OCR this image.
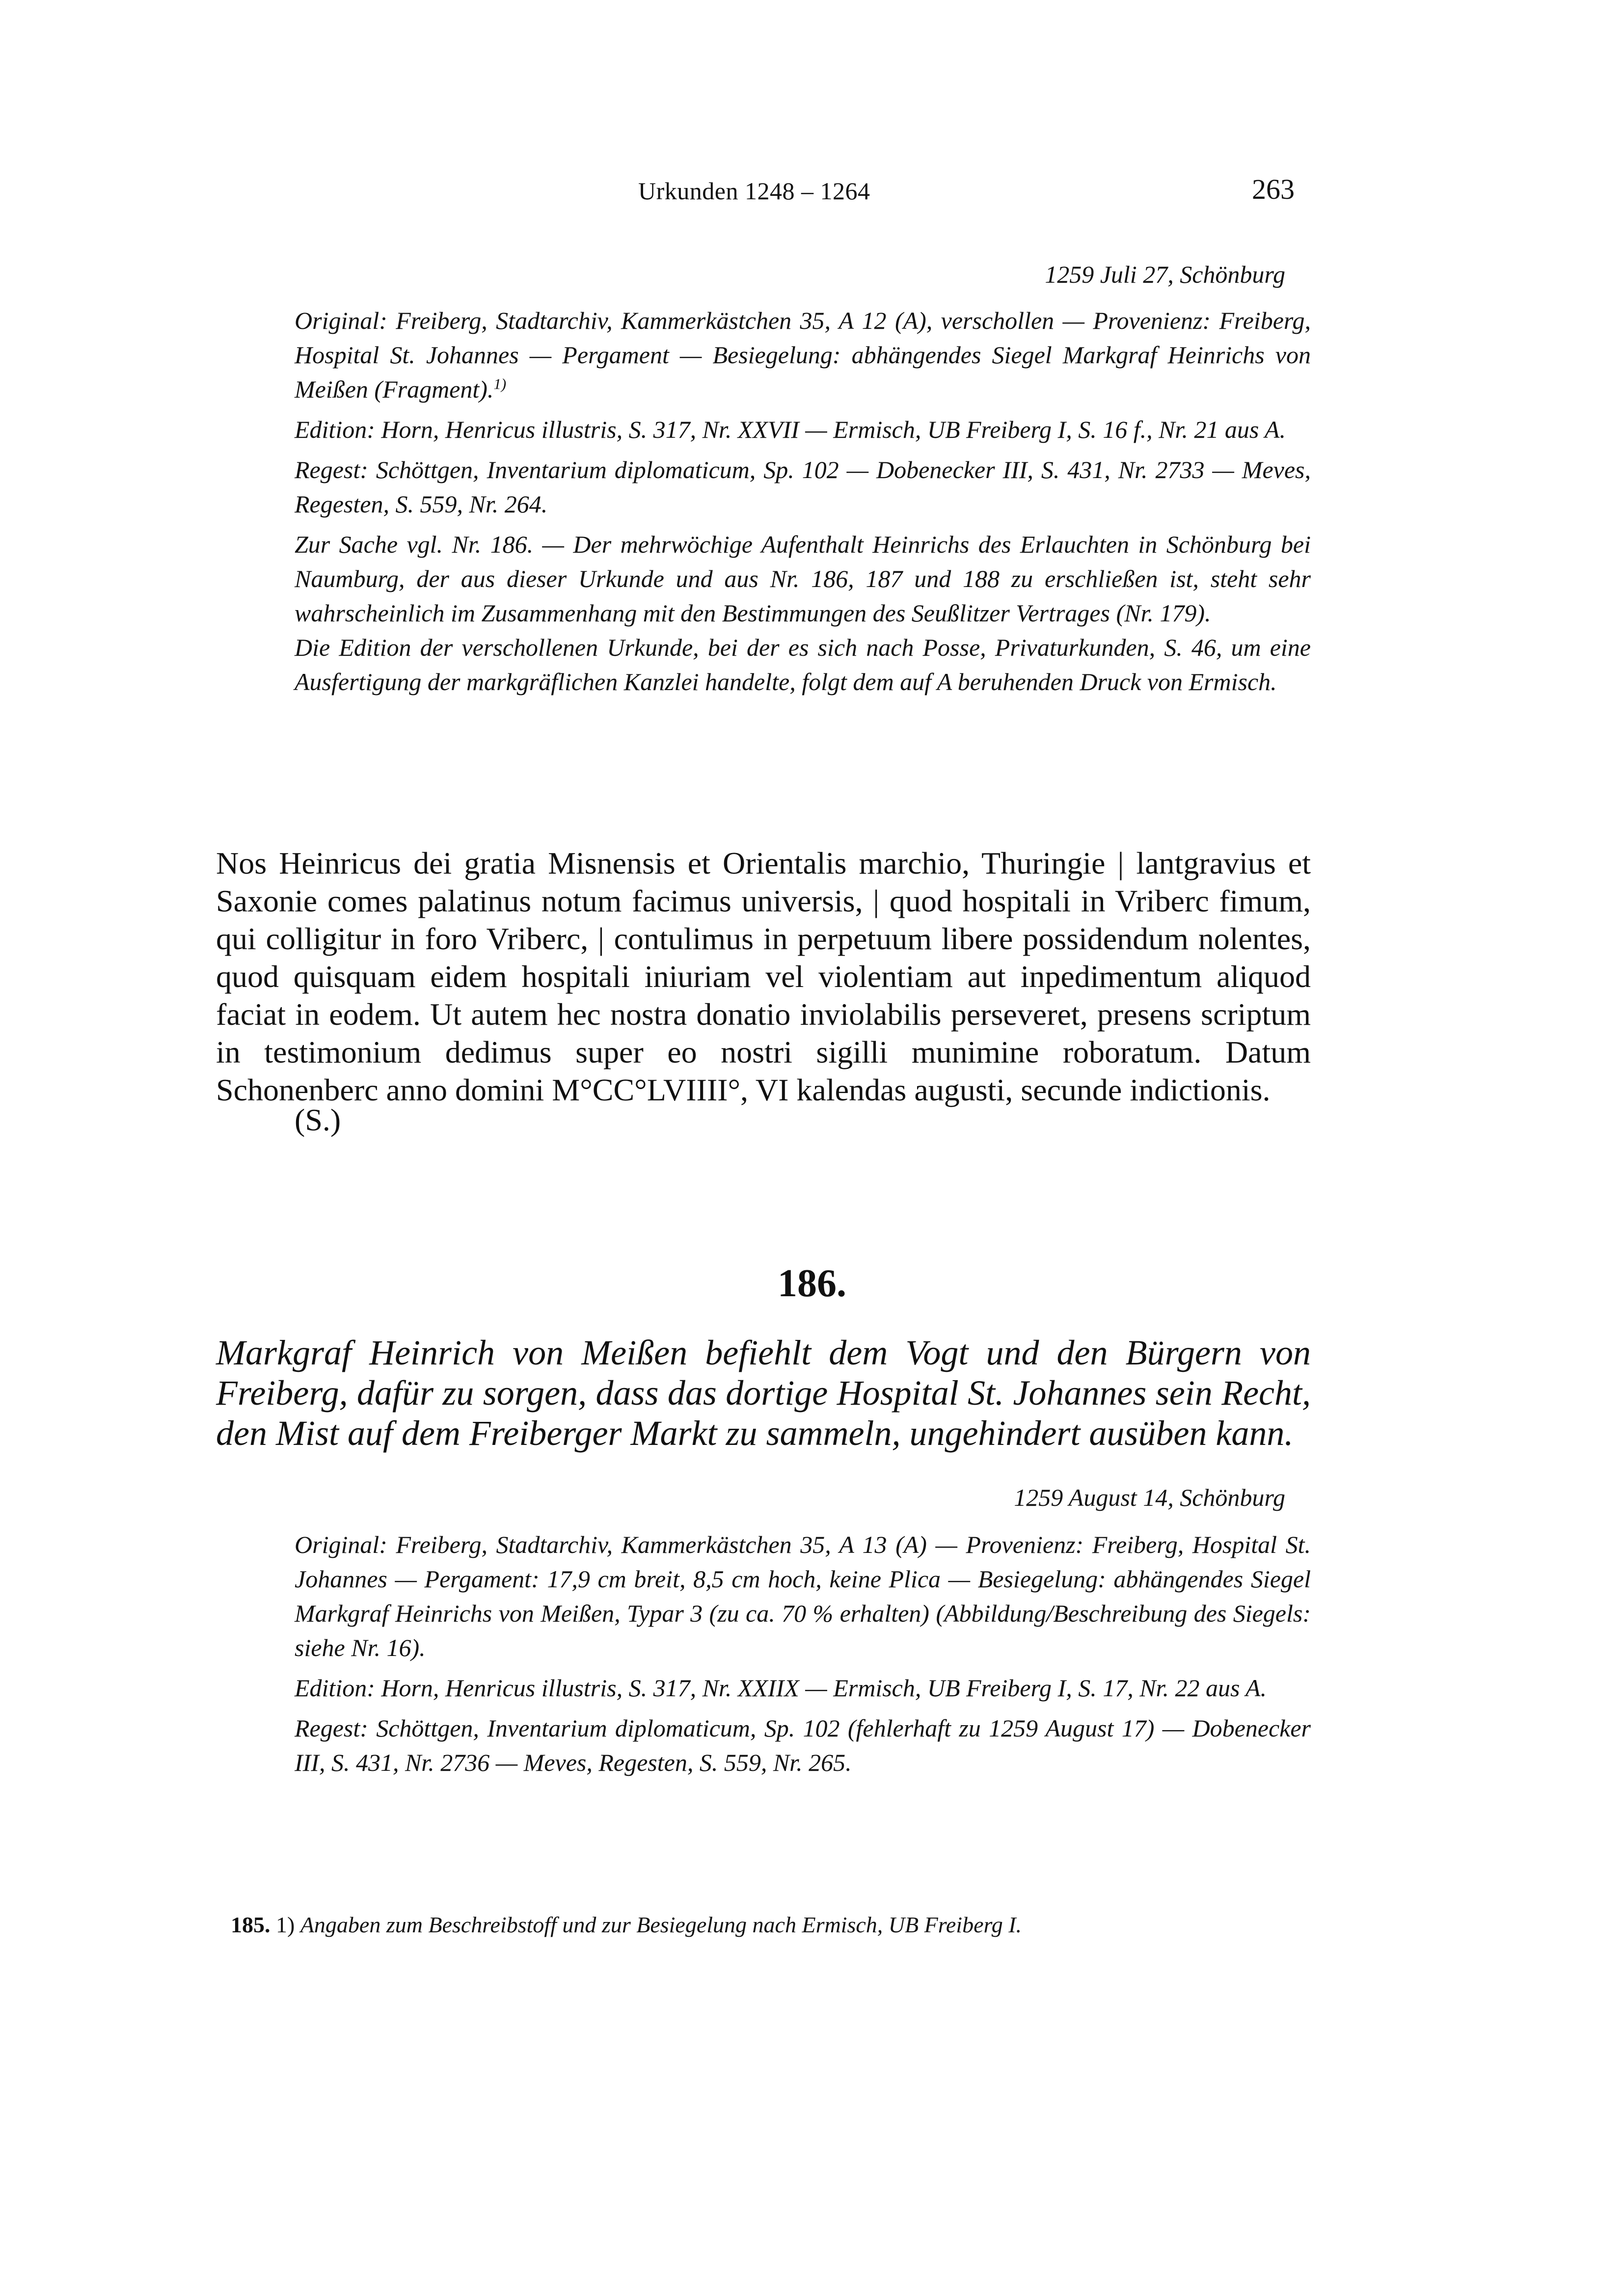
Urkunden 1248 – 1264	263
1259 Juli 27, Schönburg

Original: Freiberg, Stadtarchiv, Kammerkästchen 35, A 12 (A), verschollen — Provenienz: Freiberg, Hospital St. Johannes — Pergament — Besiegelung: abhängendes Siegel Markgraf Heinrichs von Meißen (Fragment).$^{1)}$

Edition: Horn, Henricus illustris, S. 317, Nr. XXVII — Ermisch, UB Freiberg I, S. 16 f., Nr. 21 aus A.

Regest: Schöttgen, Inventarium diplomaticum, Sp. 102 — Dobenecker III, S. 431, Nr. 2733 — Meves, Regesten, S. 559, Nr. 264.

Zur Sache vgl. Nr. 186. — Der mehrwöchige Aufenthalt Heinrichs des Erlauchten in Schönburg bei Naumburg, der aus dieser Urkunde und aus Nr. 186, 187 und 188 zu erschließen ist, steht sehr wahrscheinlich im Zusammenhang mit den Bestimmungen des Seußlitzer Vertrages (Nr. 179).

Die Edition der verschollenen Urkunde, bei der es sich nach Posse, Privaturkunden, S. 46, um eine Ausfertigung der markgräflichen Kanzlei handelte, folgt dem auf A beruhenden Druck von Ermisch.

Nos Heinricus dei gratia Misnensis et Orientalis marchio, Thuringie | lantgravius et Saxonie comes palatinus notum facimus universis, | quod hospitali in Vriberc fimum, qui colligitur in foro Vriberc, | contulimus in perpetuum libere possidendum nolentes, quod quisquam eidem hospitali iniuriam vel violentiam aut inpedimentum aliquod faciat in eodem. Ut autem hec nostra donatio inviolabilis perseveret, presens scriptum in testimonium dedimus super eo nostri sigilli munimine roboratum. Datum Schonenberc anno domini M°CC°LVIIII°, VI kalendas augusti, secunde indictionis.

(S.)
186.
Markgraf Heinrich von Meißen befiehlt dem Vogt und den Bürgern von Freiberg, dafür zu sorgen, dass das dortige Hospital St. Johannes sein Recht, den Mist auf dem Freiberger Markt zu sammeln, ungehindert ausüben kann.
1259 August 14, Schönburg

Original: Freiberg, Stadtarchiv, Kammerkästchen 35, A 13 (A) — Provenienz: Freiberg, Hospital St. Johannes — Pergament: 17,9 cm breit, 8,5 cm hoch, keine Plica — Besiegelung: abhängendes Siegel Markgraf Heinrichs von Meißen, Typar 3 (zu ca. 70 % erhalten) (Abbildung/Beschreibung des Siegels: siehe Nr. 16).

Edition: Horn, Henricus illustris, S. 317, Nr. XXIIX — Ermisch, UB Freiberg I, S. 17, Nr. 22 aus A.

Regest: Schöttgen, Inventarium diplomaticum, Sp. 102 (fehlerhaft zu 1259 August 17) — Dobenecker III, S. 431, Nr. 2736 — Meves, Regesten, S. 559, Nr. 265.

185. 1) Angaben zum Beschreibstoff und zur Besiegelung nach Ermisch, UB Freiberg I.
